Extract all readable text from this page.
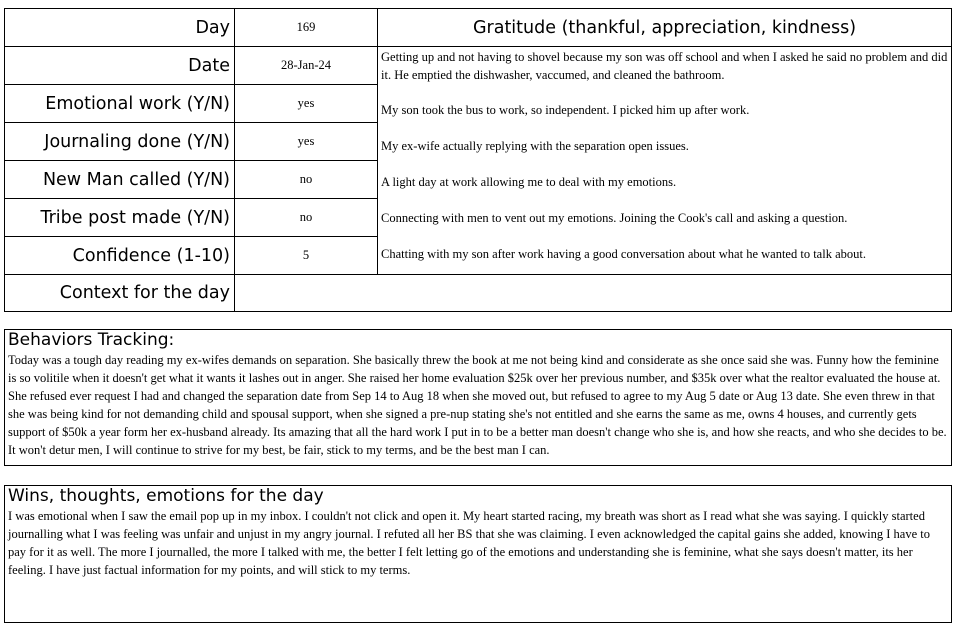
Day
Date
Emotional work (Y/N)
Journaling done (Y/N)
New Man called (Y/N)
Tribe post made (Y/N)
Confidence (1-10)
Context for the day
169
28-Jan-24
yes
yes
no
no
5
Gratitude (thankful, appreciation, kindness)
Getting up and not having to shovel because my son was off school and when I asked he said no problem and did it. He emptied the dishwasher, vaccumed, and cleaned the bathroom.
My son took the bus to work, so independent. I picked him up after work.
My ex-wife actually replying with the separation open issues.
A light day at work allowing me to deal with my emotions.
Connecting with men to vent out my emotions. Joining the Cook's call and asking a question.
Chatting with my son after work having a good conversation about what he wanted to talk about.
Behaviors Tracking:
Today was a tough day reading my ex-wifes demands on separation. She basically threw the book at me not being kind and considerate as she once said she was. Funny how the feminine is so volitile when it doesn't get what it wants it lashes out in anger. She raised her home evaluation $25k over her previous number, and $35k over what the realtor evaluated the house at. She refused ever request I had and changed the separation date from Sep 14 to Aug 18 when she moved out, but refused to agree to my Aug 5 date or Aug 13 date. She even threw in that she was being kind for not demanding child and spousal support, when she signed a pre-nup stating she's not entitled and she earns the same as me, owns 4 houses, and currently gets support of $50k a year form her ex-husband already. Its amazing that all the hard work I put in to be a better man doesn't change who she is, and how she reacts, and who she decides to be. It won't detur men, I will continue to strive for my best, be fair, stick to my terms, and be the best man I can.
Wins, thoughts, emotions for the day
I was emotional when I saw the email pop up in my inbox. I couldn't not click and open it. My heart started racing, my breath was short as I read what she was saying. I quickly started journalling what I was feeling was unfair and unjust in my angry journal. I refuted all her BS that she was claiming. I even acknowledged the capital gains she added, knowing I have to pay for it as well. The more I journalled, the more I talked with me, the better I felt letting go of the emotions and understanding she is feminine, what she says doesn't matter, its her feeling. I have just factual information for my points, and will stick to my terms.
